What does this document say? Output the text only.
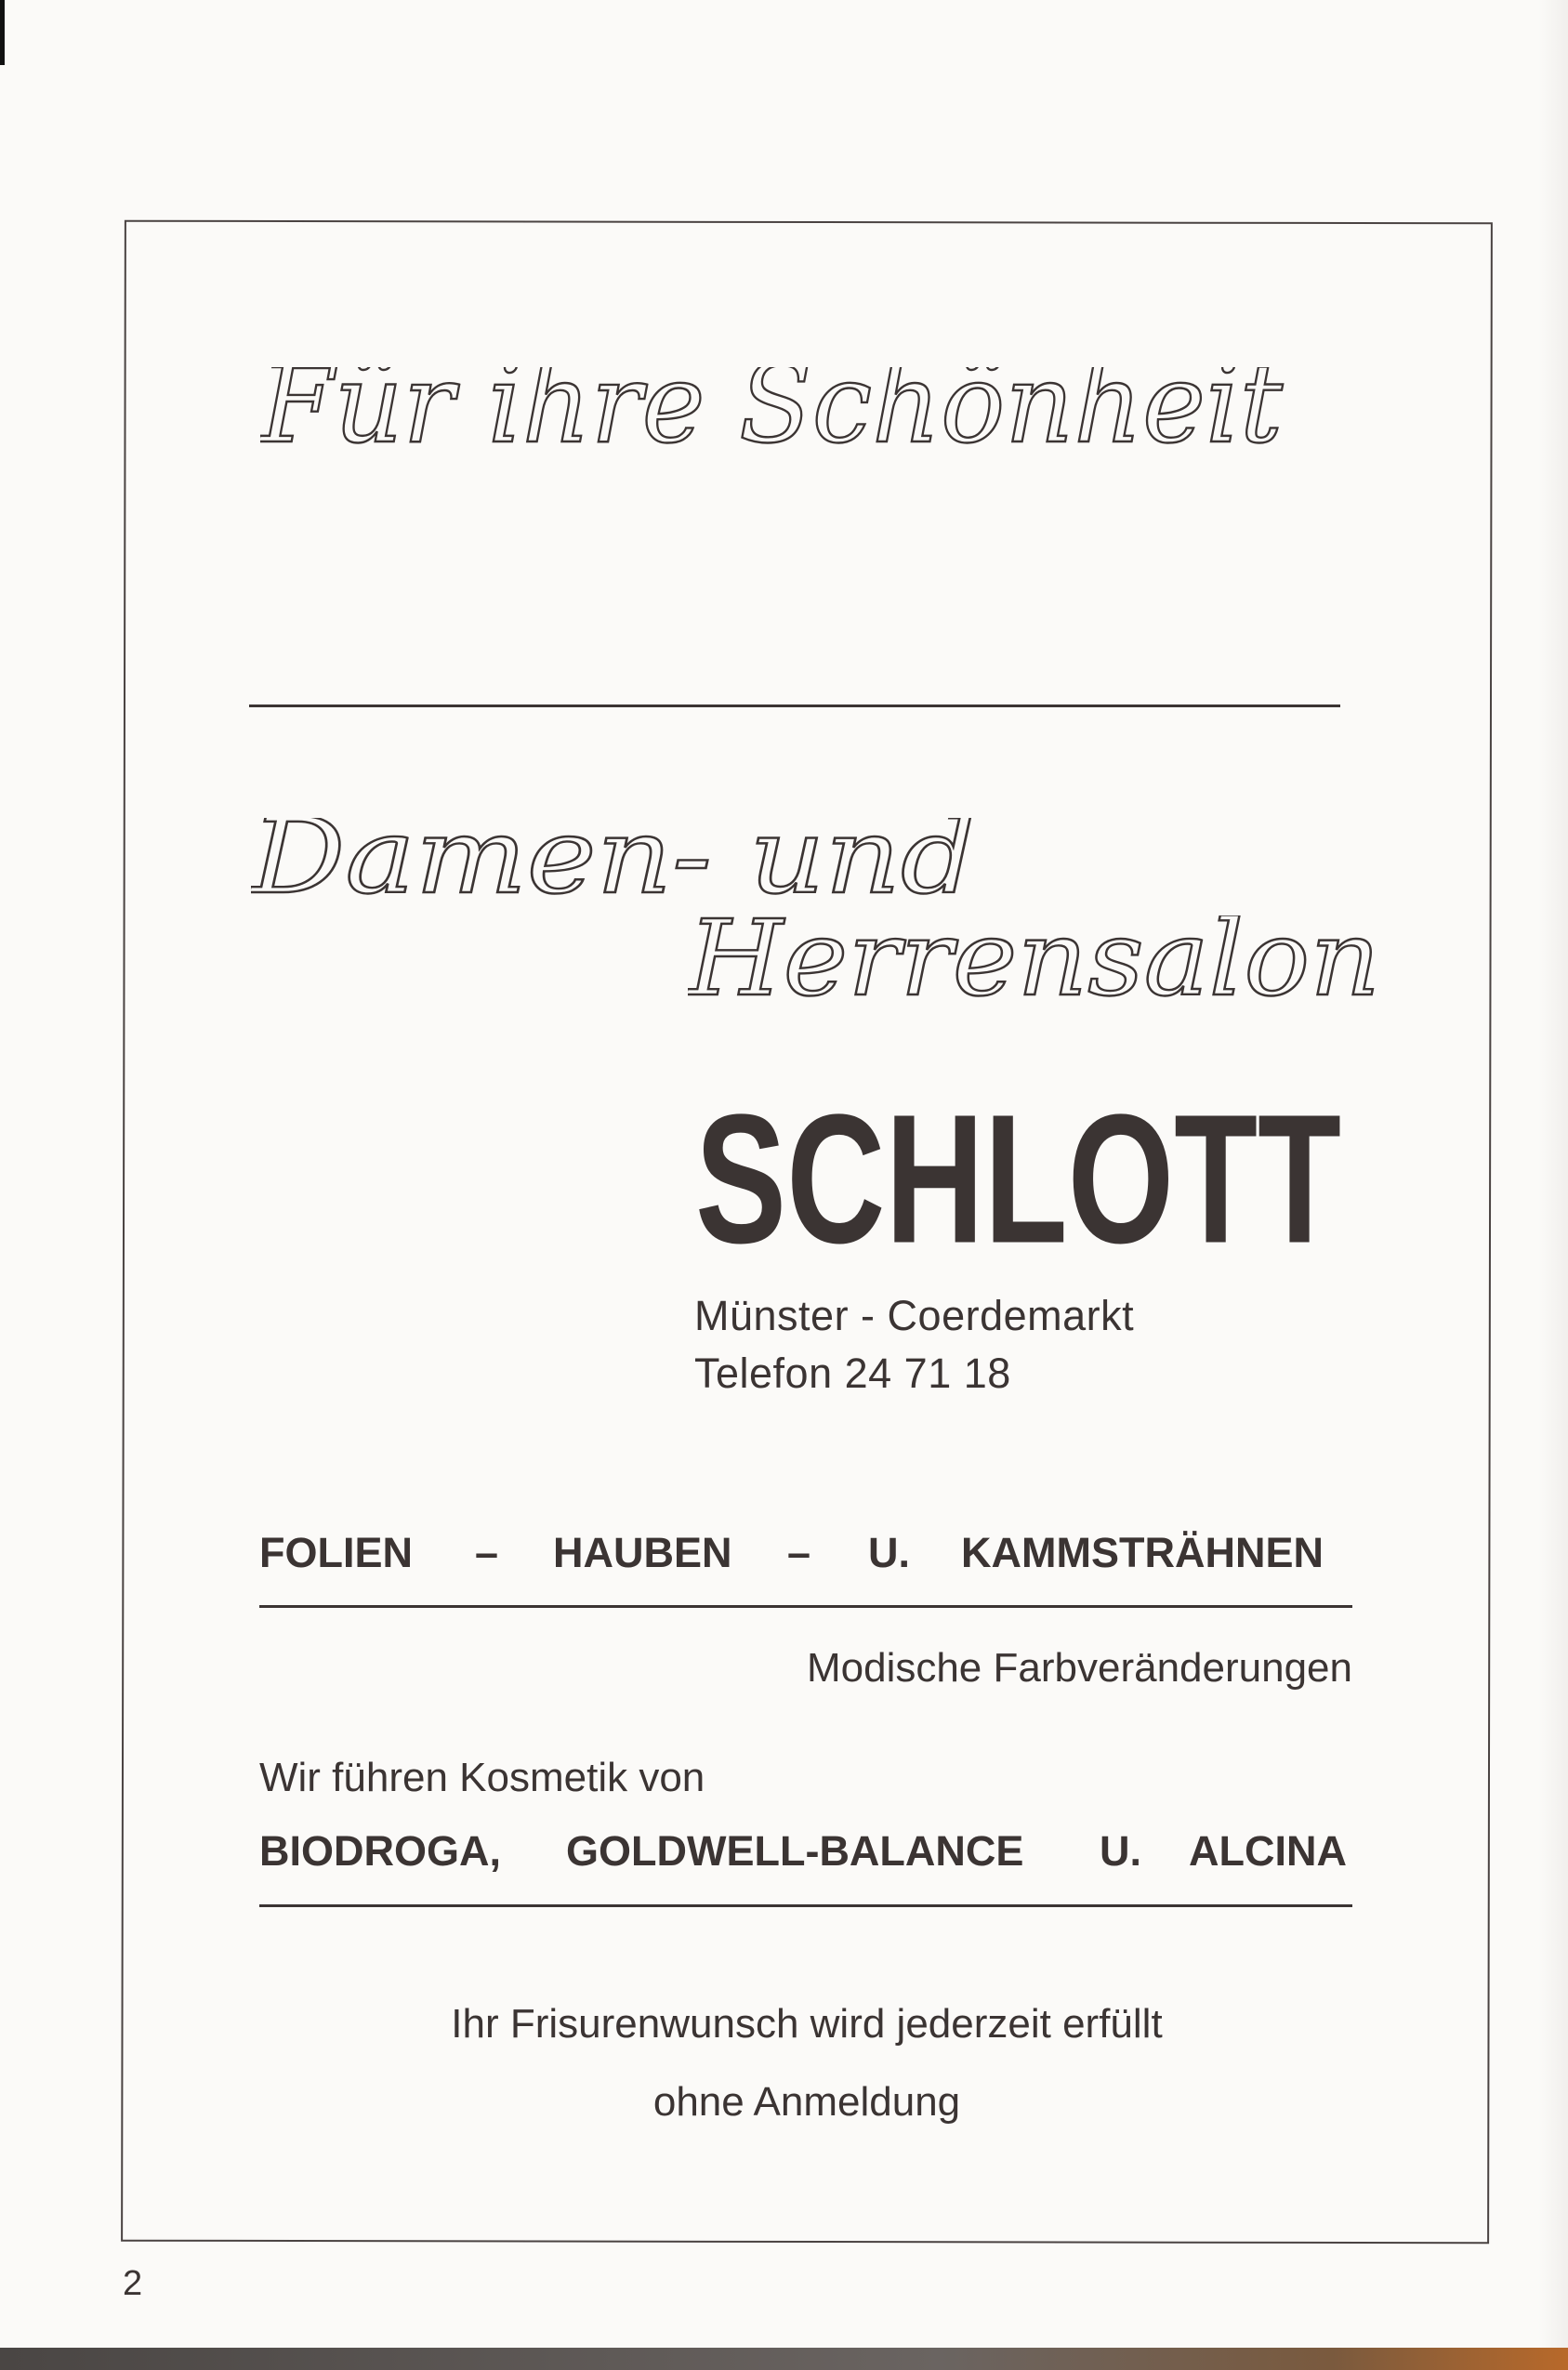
Für ihre Schönheit
Damen- und
Herrensalon
SCHLOTT
Münster - Coerdemarkt
Telefon 24 71 18
FOLIEN – HAUBEN – U. KAMMSTRÄHNEN
Modische Farbveränderungen
Wir führen Kosmetik von
BIODROGA, GOLDWELL-BALANCE U. ALCINA
Ihr Frisurenwunsch wird jederzeit erfüllt
ohne Anmeldung
2
